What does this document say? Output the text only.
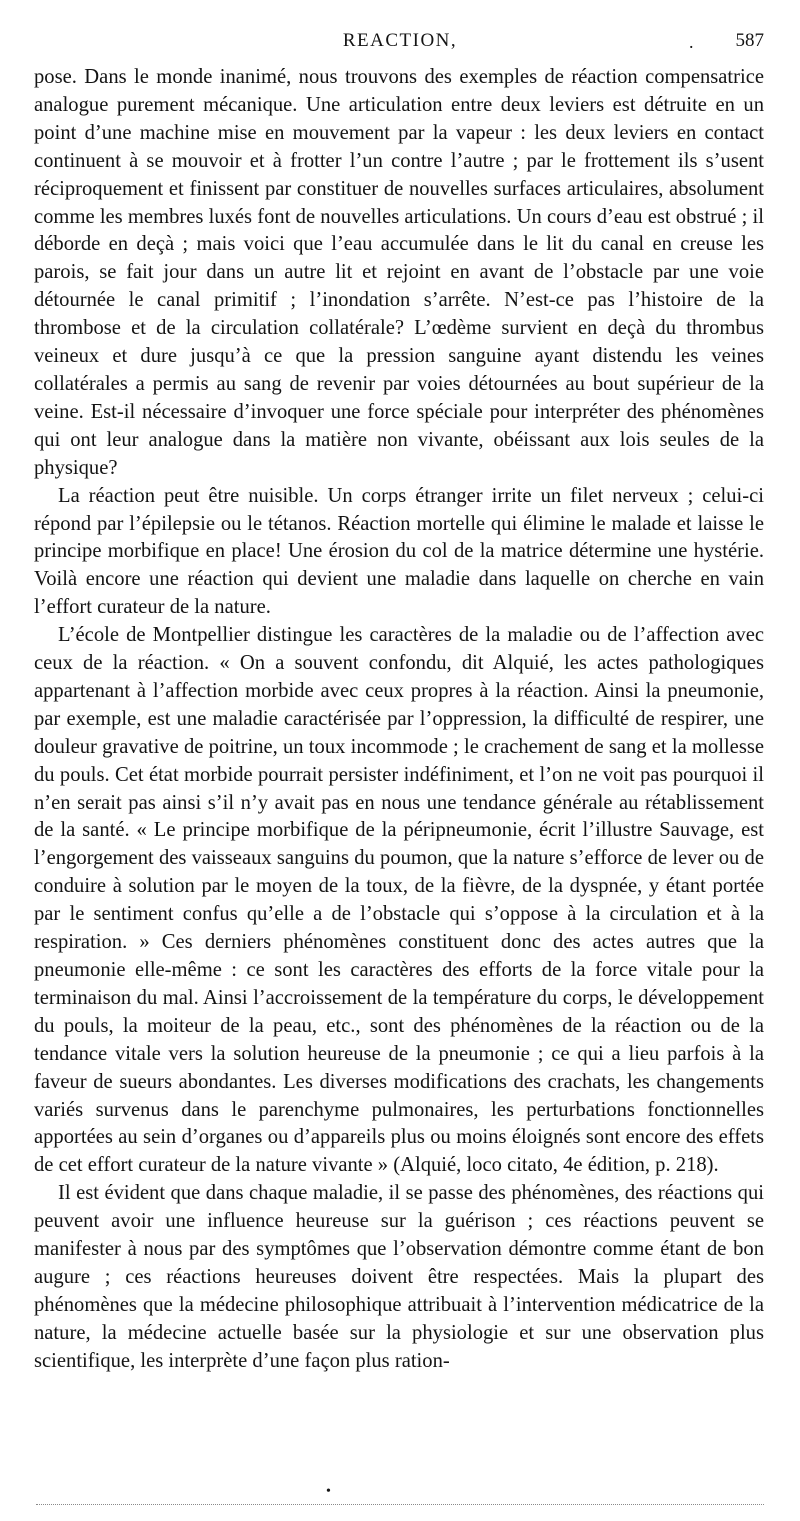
REACTION,	. 587

pose. Dans le monde inanimé, nous trouvons des exemples de réaction compensatrice analogue purement mécanique. Une articulation entre deux leviers est détruite en un point d’une machine mise en mouvement par la vapeur : les deux leviers en contact continuent à se mouvoir et à frotter l’un contre l’autre ; par le frottement ils s’usent réciproquement et finissent par constituer de nouvelles surfaces articulaires, absolument comme les membres luxés font de nouvelles articulations. Un cours d’eau est obstrué ; il déborde en deçà ; mais voici que l’eau accumulée dans le lit du canal en creuse les parois, se fait jour dans un autre lit et rejoint en avant de l’obstacle par une voie détournée le canal primitif ; l’inondation s’arrête. N’est-ce pas l’histoire de la thrombose et de la circulation collatérale? L’œdème survient en deçà du thrombus veineux et dure jusqu’à ce que la pression sanguine ayant distendu les veines collatérales a permis au sang de revenir par voies détournées au bout supérieur de la veine. Est-il nécessaire d’invoquer une force spéciale pour interpréter des phénomènes qui ont leur analogue dans la matière non vivante, obéissant aux lois seules de la physique?

La réaction peut être nuisible. Un corps étranger irrite un filet nerveux ; celui-ci répond par l’épilepsie ou le tétanos. Réaction mortelle qui élimine le malade et laisse le principe morbifique en place! Une érosion du col de la matrice détermine une hystérie. Voilà encore une réaction qui devient une maladie dans laquelle on cherche en vain l’effort curateur de la nature.

L’école de Montpellier distingue les caractères de la maladie ou de l’affection avec ceux de la réaction. « On a souvent confondu, dit Alquié, les actes pathologiques appartenant à l’affection morbide avec ceux propres à la réaction. Ainsi la pneumonie, par exemple, est une maladie caractérisée par l’oppression, la difficulté de respirer, une douleur gravative de poitrine, un toux incommode ; le crachement de sang et la mollesse du pouls. Cet état morbide pourrait persister indéfiniment, et l’on ne voit pas pourquoi il n’en serait pas ainsi s’il n’y avait pas en nous une tendance générale au rétablissement de la santé. « Le principe morbifique de la péripneumonie, écrit l’illustre Sauvage, est l’engorgement des vaisseaux sanguins du poumon, que la nature s’efforce de lever ou de conduire à solution par le moyen de la toux, de la fièvre, de la dyspnée, y étant portée par le sentiment confus qu’elle a de l’obstacle qui s’oppose à la circulation et à la respiration. » Ces derniers phénomènes constituent donc des actes autres que la pneumonie elle-même : ce sont les caractères des efforts de la force vitale pour la terminaison du mal. Ainsi l’accroissement de la température du corps, le développement du pouls, la moiteur de la peau, etc., sont des phénomènes de la réaction ou de la tendance vitale vers la solution heureuse de la pneumonie ; ce qui a lieu parfois à la faveur de sueurs abondantes. Les diverses modifications des crachats, les changements variés survenus dans le parenchyme pulmonaires, les perturbations fonctionnelles apportées au sein d’organes ou d’appareils plus ou moins éloignés sont encore des effets de cet effort curateur de la nature vivante » (Alquié, loco citato, 4e édition, p. 218).

Il est évident que dans chaque maladie, il se passe des phénomènes, des réactions qui peuvent avoir une influence heureuse sur la guérison ; ces réactions peuvent se manifester à nous par des symptômes que l’observation démontre comme étant de bon augure ; ces réactions heureuses doivent être respectées. Mais la plupart des phénomènes que la médecine philosophique attribuait à l’intervention médicatrice de la nature, la médecine actuelle basée sur la physiologie et sur une observation plus scientifique, les interprète d’une façon plus ration-

•
